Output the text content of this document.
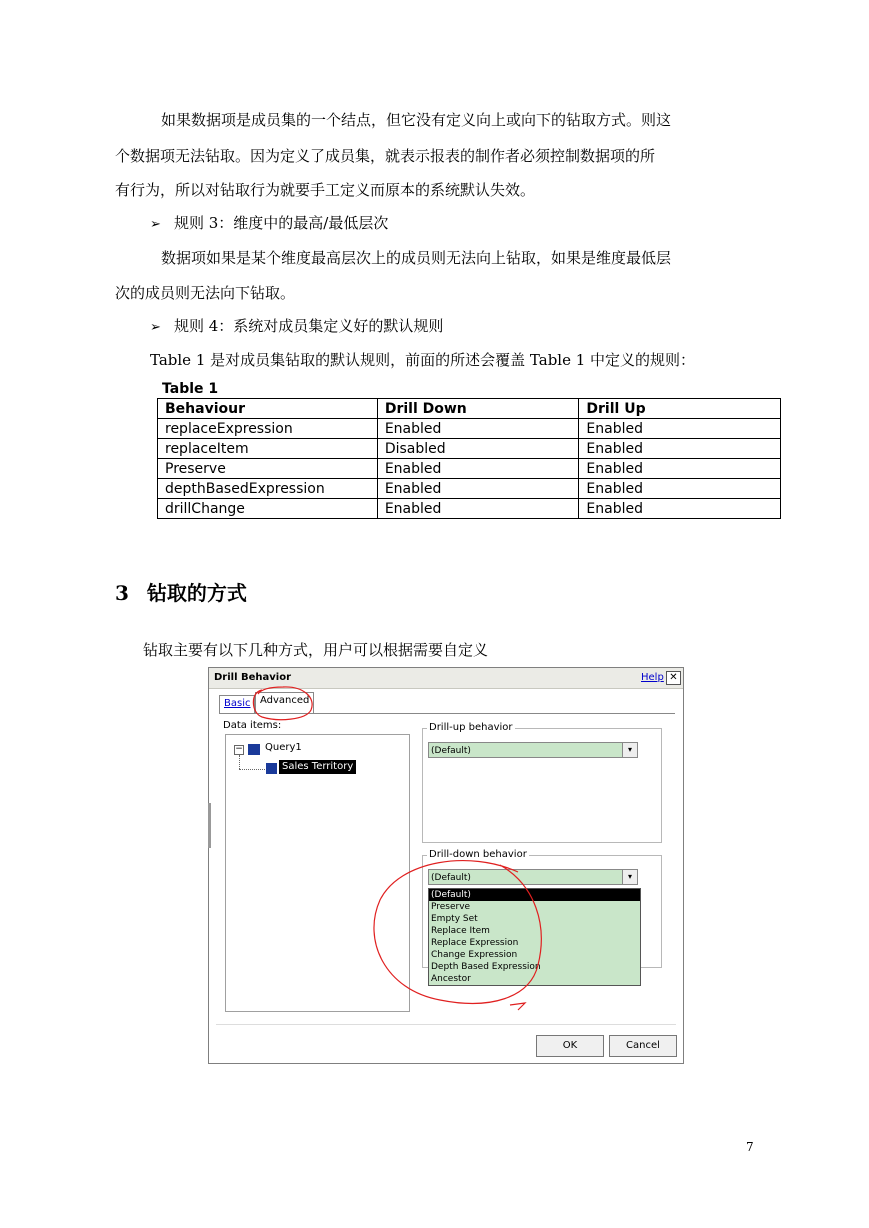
如果数据项是成员集的一个结点，但它没有定义向上或向下的钻取方式。则这
个数据项无法钻取。因为定义了成员集，就表示报表的制作者必须控制数据项的所
有行为，所以对钻取行为就要手工定义而原本的系统默认失效。
➢ 规则 3：维度中的最高/最低层次
数据项如果是某个维度最高层次上的成员则无法向上钻取，如果是维度最低层
次的成员则无法向下钻取。
➢ 规则 4：系统对成员集定义好的默认规则
Table 1 是对成员集钻取的默认规则，前面的所述会覆盖 Table 1 中定义的规则：
Table 1
Behaviour	Drill Down	Drill Up
replaceExpression	Enabled	Enabled
replaceItem	Disabled	Enabled
Preserve	Enabled	Enabled
depthBasedExpression	Enabled	Enabled
drillChange	Enabled	Enabled
3 钻取的方式
钻取主要有以下几种方式，用户可以根据需要自定义
Drill Behavior	Help ✕
Basic Advanced
Data items:
− Query1
Sales Territory
Drill-up behavior
(Default)	▾
Drill-down behavior
(Default)	▾
(Default)
Preserve
Empty Set
Replace Item
Replace Expression
Change Expression
Depth Based Expression
Ancestor
OK	Cancel
7
